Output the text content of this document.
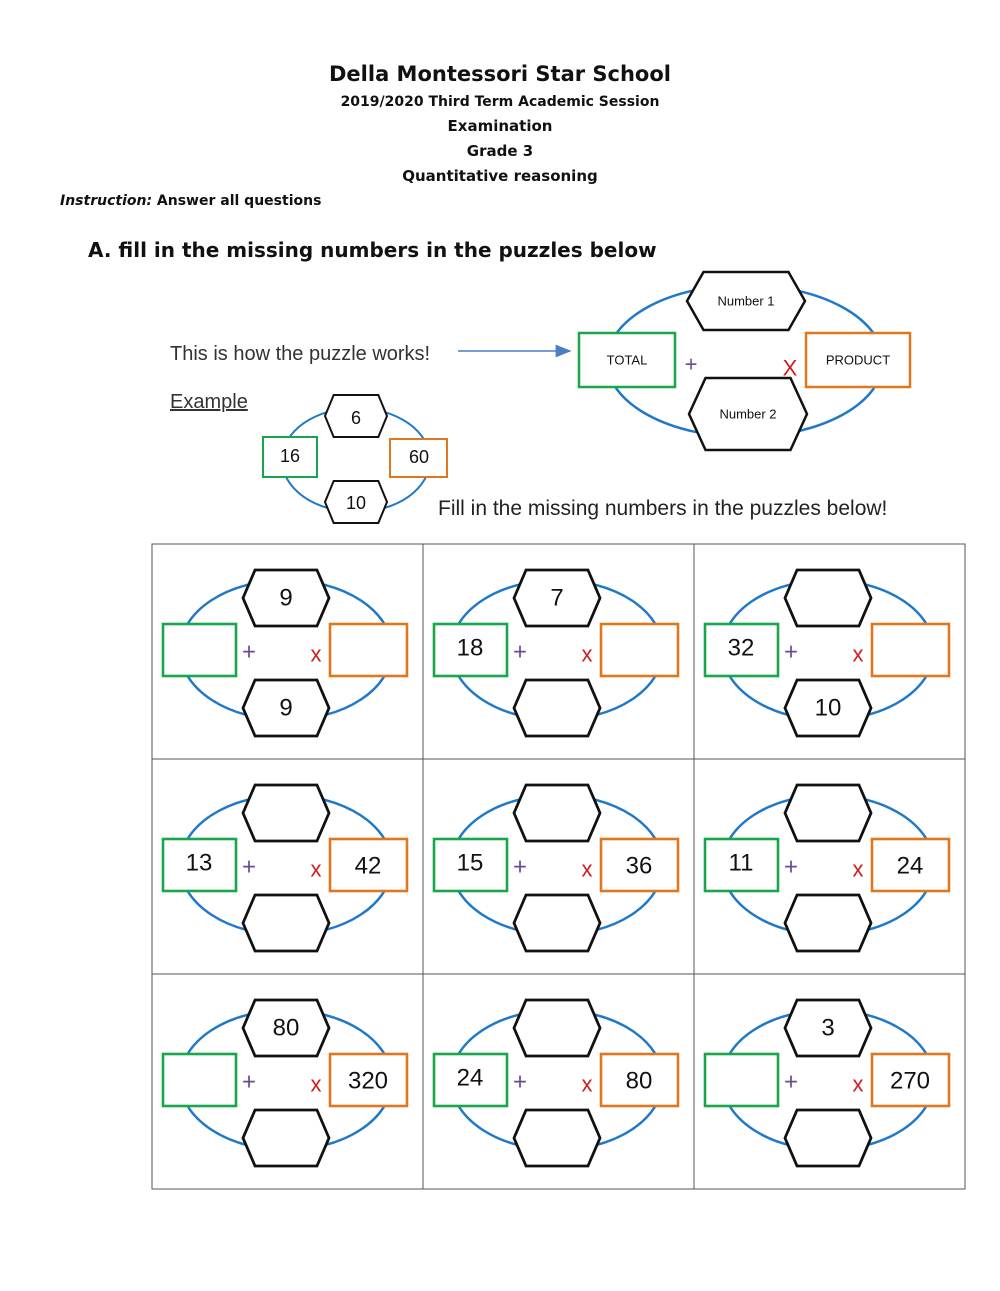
Della Montessori Star School
2019/2020 Third Term Academic Session
Examination
Grade 3
Quantitative reasoning
Instruction: Answer all questions
A. fill in the missing numbers in the puzzles below
This is how the puzzle works!
Example
Fill in the missing numbers in the puzzles below!
Number 1
Number 2
TOTAL	PRODUCT
+	X
6
10
16	60
9
9
+ x
7
18 + x
10
32 + x
13	42
+ x	15	36
+ x	11	24
+ x
80
320
+ x	24	80
+ x
3
270
+ x
